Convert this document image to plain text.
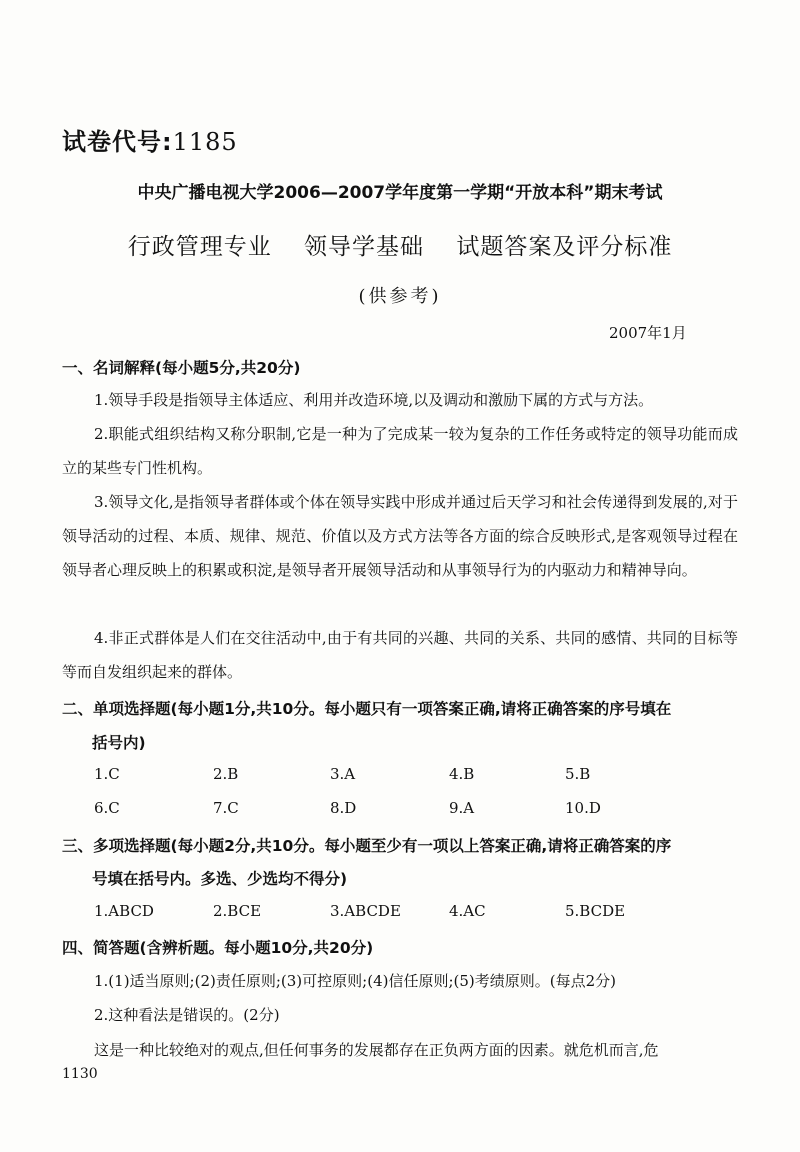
试卷代号:1185
中央广播电视大学2006—2007学年度第一学期“开放本科”期末考试
行政管理专业 领导学基础 试题答案及评分标准
(供参考)
2007年1月
一、名词解释(每小题5分,共20分)
1.领导手段是指领导主体适应、利用并改造环境,以及调动和激励下属的方式与方法。
2.职能式组织结构又称分职制,它是一种为了完成某一较为复杂的工作任务或特定的领导功能而成立的某些专门性机构。
3.领导文化,是指领导者群体或个体在领导实践中形成并通过后天学习和社会传递得到发展的,对于领导活动的过程、本质、规律、规范、价值以及方式方法等各方面的综合反映形式,是客观领导过程在领导者心理反映上的积累或积淀,是领导者开展领导活动和从事领导行为的内驱动力和精神导向。
4.非正式群体是人们在交往活动中,由于有共同的兴趣、共同的关系、共同的感情、共同的目标等等而自发组织起来的群体。
二、单项选择题(每小题1分,共10分。每小题只有一项答案正确,请将正确答案的序号填在
括号内)
1.C	2.B	3.A	4.B	5.B
6.C	7.C	8.D	9.A	10.D
三、多项选择题(每小题2分,共10分。每小题至少有一项以上答案正确,请将正确答案的序
号填在括号内。多选、少选均不得分)
1.ABCD	2.BCE	3.ABCDE	4.AC	5.BCDE
四、简答题(含辨析题。每小题10分,共20分)
1.(1)适当原则;(2)责任原则;(3)可控原则;(4)信任原则;(5)考绩原则。(每点2分)
2.这种看法是错误的。(2分)
这是一种比较绝对的观点,但任何事务的发展都存在正负两方面的因素。就危机而言,危
1130
